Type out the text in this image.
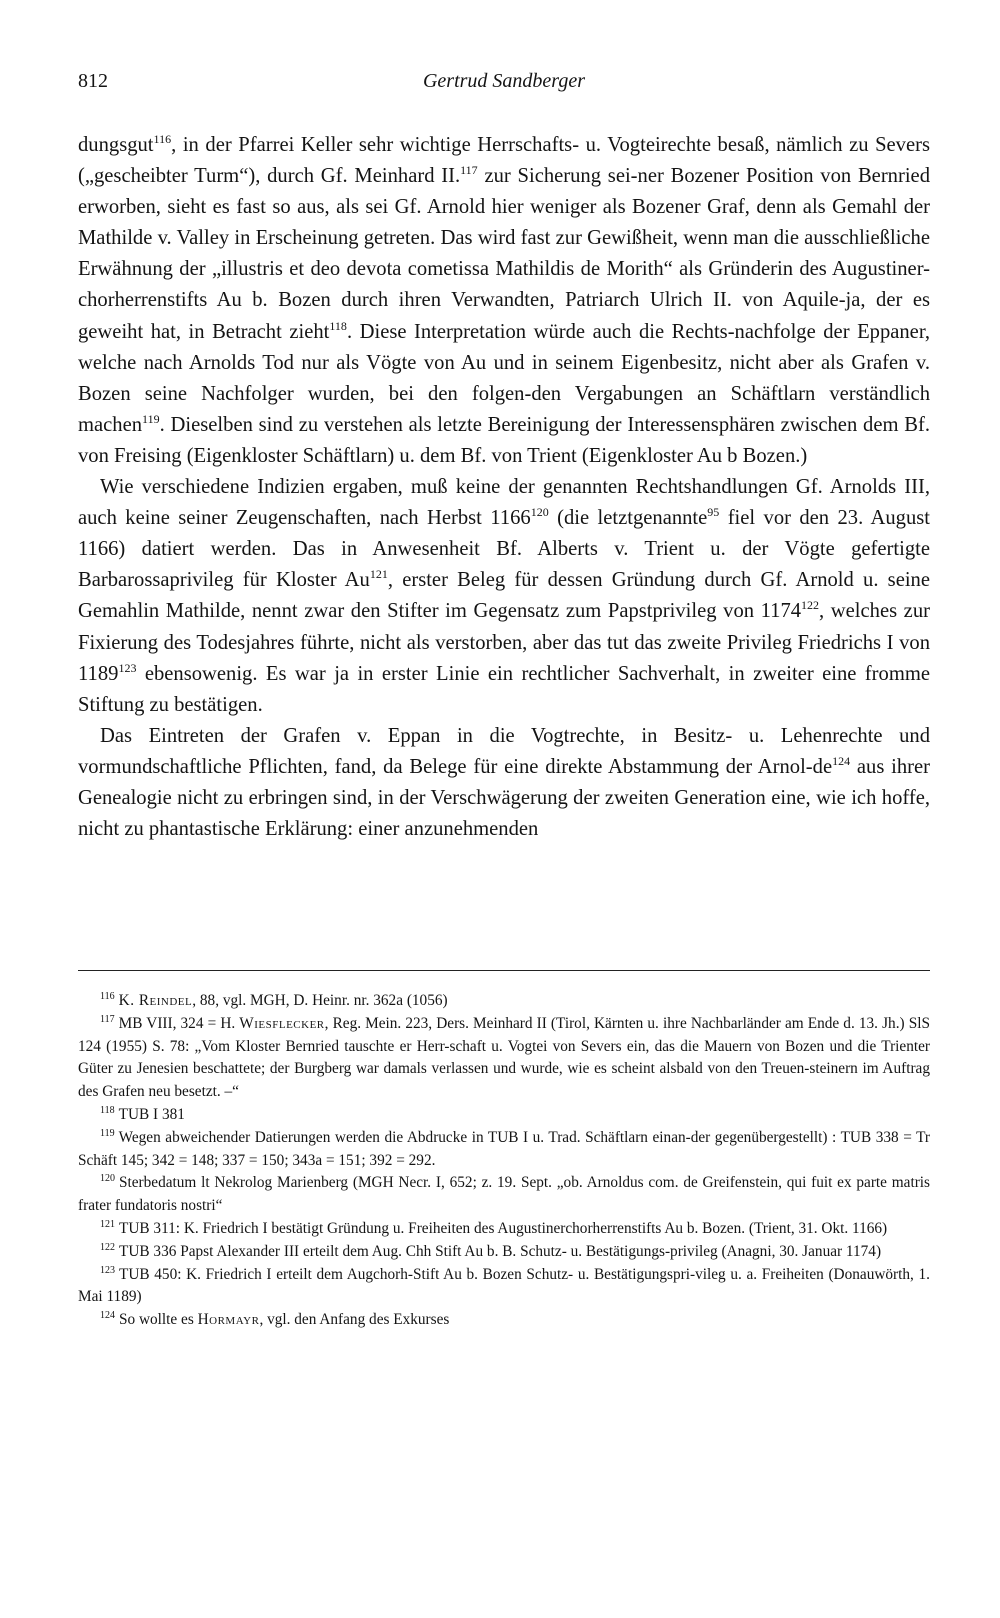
812	Gertrud Sandberger

dungsgut$^{116}$, in der Pfarrei Keller sehr wichtige Herrschafts- u. Vogteirechte besaß, nämlich zu Severs („gescheibter Turm“), durch Gf. Meinhard II.$^{117}$ zur Sicherung sei-ner Bozener Position von Bernried erworben, sieht es fast so aus, als sei Gf. Arnold hier weniger als Bozener Graf, denn als Gemahl der Mathilde v. Valley in Erscheinung getreten. Das wird fast zur Gewißheit, wenn man die ausschließliche Erwähnung der „illustris et deo devota cometissa Mathildis de Morith“ als Gründerin des Augustiner-chorherrenstifts Au b. Bozen durch ihren Verwandten, Patriarch Ulrich II. von Aquile-ja, der es geweiht hat, in Betracht zieht$^{118}$. Diese Interpretation würde auch die Rechts-nachfolge der Eppaner, welche nach Arnolds Tod nur als Vögte von Au und in seinem Eigenbesitz, nicht aber als Grafen v. Bozen seine Nachfolger wurden, bei den folgen-den Vergabungen an Schäftlarn verständlich machen$^{119}$. Dieselben sind zu verstehen als letzte Bereinigung der Interessensphären zwischen dem Bf. von Freising (Eigenkloster Schäftlarn) u. dem Bf. von Trient (Eigenkloster Au b Bozen.)

Wie verschiedene Indizien ergaben, muß keine der genannten Rechtshandlungen Gf. Arnolds III, auch keine seiner Zeugenschaften, nach Herbst 1166$^{120}$ (die letztgenannte$^{95}$ fiel vor den 23. August 1166) datiert werden. Das in Anwesenheit Bf. Alberts v. Trient u. der Vögte gefertigte Barbarossaprivileg für Kloster Au$^{121}$, erster Beleg für dessen Gründung durch Gf. Arnold u. seine Gemahlin Mathilde, nennt zwar den Stifter im Gegensatz zum Papstprivileg von 1174$^{122}$, welches zur Fixierung des Todesjahres führte, nicht als verstorben, aber das tut das zweite Privileg Friedrichs I von 1189$^{123}$ ebensowenig. Es war ja in erster Linie ein rechtlicher Sachverhalt, in zweiter eine fromme Stiftung zu bestätigen.

Das Eintreten der Grafen v. Eppan in die Vogtrechte, in Besitz- u. Lehenrechte und vormundschaftliche Pflichten, fand, da Belege für eine direkte Abstammung der Arnol-$de^{124}$ aus ihrer Genealogie nicht zu erbringen sind, in der Verschwägerung der zweiten Generation eine, wie ich hoffe, nicht zu phantastische Erklärung: einer anzunehmenden

$^{116}$ K. Reindel, 88, vgl. MGH, D. Heinr. nr. 362a (1056)

$^{117}$ MB VIII, 324 = H. Wiesflecker, Reg. Mein. 223, Ders. Meinhard II (Tirol, Kärnten u. ihre Nachbarländer am Ende d. 13. Jh.) SlS 124 (1955) S. 78: „Vom Kloster Bernried tauschte er Herr-schaft u. Vogtei von Severs ein, das die Mauern von Bozen und die Trienter Güter zu Jenesien beschattete; der Burgberg war damals verlassen und wurde, wie es scheint alsbald von den Treuen-steinern im Auftrag des Grafen neu besetzt. –“

$^{118}$ TUB I 381

$^{119}$ Wegen abweichender Datierungen werden die Abdrucke in TUB I u. Trad. Schäftlarn einan-der gegenübergestellt) : TUB 338 = Tr Schäft 145; 342 = 148; 337 = 150; 343a = 151; 392 = 292.

$^{120}$ Sterbedatum lt Nekrolog Marienberg (MGH Necr. I, 652; z. 19. Sept. „ob. Arnoldus com. de Greifenstein, qui fuit ex parte matris frater fundatoris nostri“

$^{121}$ TUB 311: K. Friedrich I bestätigt Gründung u. Freiheiten des Augustinerchorherrenstifts Au b. Bozen. (Trient, 31. Okt. 1166)

$^{122}$ TUB 336 Papst Alexander III erteilt dem Aug. Chh Stift Au b. B. Schutz- u. Bestätigungs-privileg (Anagni, 30. Januar 1174)

$^{123}$ TUB 450: K. Friedrich I erteilt dem Augchorh-Stift Au b. Bozen Schutz- u. Bestätigungspri-vileg u. a. Freiheiten (Donauwörth, 1. Mai 1189)

$^{124}$ So wollte es Hormayr, vgl. den Anfang des Exkurses
